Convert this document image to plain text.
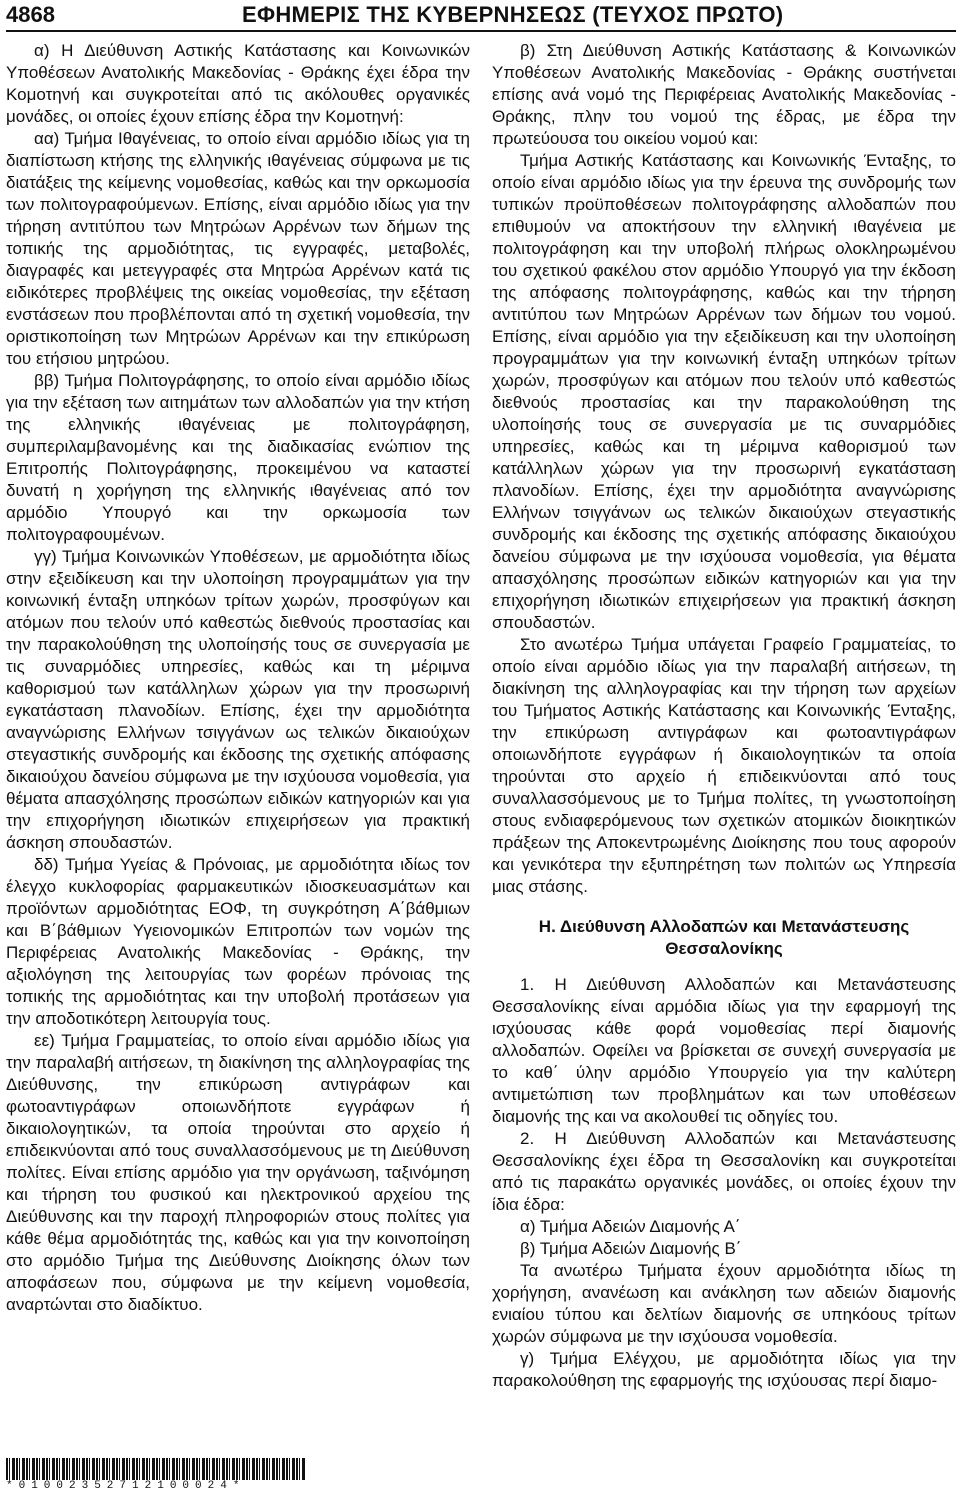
4868	ΕΦΗΜΕΡΙΣ ΤΗΣ ΚΥΒΕΡΝΗΣΕΩΣ (ΤΕΥΧΟΣ ΠΡΩΤΟ)

α) Η Διεύθυνση Αστικής Κατάστασης και Κοινωνικών Υποθέσεων Ανατολικής Μακεδονίας - Θράκης έχει έδρα την Κομοτηνή και συγκροτείται από τις ακόλουθες οργανικές μονάδες, οι οποίες έχουν επίσης έδρα την Κομοτηνή:

αα) Τμήμα Ιθαγένειας, το οποίο είναι αρμόδιο ιδίως για τη διαπίστωση κτήσης της ελληνικής ιθαγένειας σύμφωνα με τις διατάξεις της κείμενης νομοθεσίας, καθώς και την ορκωμοσία των πολιτογραφούμενων. Επίσης, είναι αρμόδιο ιδίως για την τήρηση αντιτύπου των Μητρώων Αρρένων των δήμων της τοπικής της αρμοδιότητας, τις εγγραφές, μεταβολές, διαγραφές και μετεγγραφές στα Μητρώα Αρρένων κατά τις ειδικότερες προβλέψεις της οικείας νομοθεσίας, την εξέταση ενστάσεων που προβλέπονται από τη σχετική νομοθεσία, την οριστικοποίηση των Μητρώων Αρρένων και την επικύρωση του ετήσιου μητρώου.

ββ) Τμήμα Πολιτογράφησης, το οποίο είναι αρμόδιο ιδίως για την εξέταση των αιτημάτων των αλλοδαπών για την κτήση της ελληνικής ιθαγένειας με πολιτογράφηση, συμπεριλαμβανομένης και της διαδικασίας ενώπιον της Επιτροπής Πολιτογράφησης, προκειμένου να καταστεί δυνατή η χορήγηση της ελληνικής ιθαγένειας από τον αρμόδιο Υπουργό και την ορκωμοσία των πολιτογραφουμένων.

γγ) Τμήμα Κοινωνικών Υποθέσεων, με αρμοδιότητα ιδίως στην εξειδίκευση και την υλοποίηση προγραμμάτων για την κοινωνική ένταξη υπηκόων τρίτων χωρών, προσφύγων και ατόμων που τελούν υπό καθεστώς διεθνούς προστασίας και την παρακολούθηση της υλοποίησής τους σε συνεργασία με τις συναρμόδιες υπηρεσίες, καθώς και τη μέριμνα καθορισμού των κατάλληλων χώρων για την προσωρινή εγκατάσταση πλανοδίων. Επίσης, έχει την αρμοδιότητα αναγνώρισης Ελλήνων τσιγγάνων ως τελικών δικαιούχων στεγαστικής συνδρομής και έκδοσης της σχετικής απόφασης δικαιούχου δανείου σύμφωνα με την ισχύουσα νομοθεσία, για θέματα απασχόλησης προσώπων ειδικών κατηγοριών και για την επιχορήγηση ιδιωτικών επιχειρήσεων για πρακτική άσκηση σπουδαστών.

δδ) Τμήμα Υγείας & Πρόνοιας, με αρμοδιότητα ιδίως τον έλεγχο κυκλοφορίας φαρμακευτικών ιδιοσκευασμάτων και προϊόντων αρμοδιότητας ΕΟΦ, τη συγκρότηση Α΄βάθμιων και Β΄βάθμιων Υγειονομικών Επιτροπών των νομών της Περιφέρειας Ανατολικής Μακεδονίας - Θράκης, την αξιολόγηση της λειτουργίας των φορέων πρόνοιας της τοπικής της αρμοδιότητας και την υποβολή προτάσεων για την αποδοτικότερη λειτουργία τους.

εε) Τμήμα Γραμματείας, το οποίο είναι αρμόδιο ιδίως για την παραλαβή αιτήσεων, τη διακίνηση της αλληλογραφίας της Διεύθυνσης, την επικύρωση αντιγράφων και φωτοαντιγράφων οποιωνδήποτε εγγράφων ή δικαιολογητικών, τα οποία τηρούνται στο αρχείο ή επιδεικνύονται από τους συναλλασσόμενους με τη Διεύθυνση πολίτες. Είναι επίσης αρμόδιο για την οργάνωση, ταξινόμηση και τήρηση του φυσικού και ηλεκτρονικού αρχείου της Διεύθυνσης και την παροχή πληροφοριών στους πολίτες για κάθε θέμα αρμοδιότητάς της, καθώς και για την κοινοποίηση στο αρμόδιο Τμήμα της Διεύθυνσης Διοίκησης όλων των αποφάσεων που, σύμφωνα με την κείμενη νομοθεσία, αναρτώνται στο διαδίκτυο.

β) Στη Διεύθυνση Αστικής Κατάστασης & Κοινωνικών Υποθέσεων Ανατολικής Μακεδονίας - Θράκης συστήνεται επίσης ανά νομό της Περιφέρειας Ανατολικής Μακεδονίας - Θράκης, πλην του νομού της έδρας, με έδρα την πρωτεύουσα του οικείου νομού και:

Τμήμα Αστικής Κατάστασης και Κοινωνικής Ένταξης, το οποίο είναι αρμόδιο ιδίως για την έρευνα της συνδρομής των τυπικών προϋποθέσεων πολιτογράφησης αλλοδαπών που επιθυμούν να αποκτήσουν την ελληνική ιθαγένεια με πολιτογράφηση και την υποβολή πλήρως ολοκληρωμένου του σχετικού φακέλου στον αρμόδιο Υπουργό για την έκδοση της απόφασης πολιτογράφησης, καθώς και την τήρηση αντιτύπου των Μητρώων Αρρένων των δήμων του νομού. Επίσης, είναι αρμόδιο για την εξειδίκευση και την υλοποίηση προγραμμάτων για την κοινωνική ένταξη υπηκόων τρίτων χωρών, προσφύγων και ατόμων που τελούν υπό καθεστώς διεθνούς προστασίας και την παρακολούθηση της υλοποίησής τους σε συνεργασία με τις συναρμόδιες υπηρεσίες, καθώς και τη μέριμνα καθορισμού των κατάλληλων χώρων για την προσωρινή εγκατάσταση πλανοδίων. Επίσης, έχει την αρμοδιότητα αναγνώρισης Ελλήνων τσιγγάνων ως τελικών δικαιούχων στεγαστικής συνδρομής και έκδοσης της σχετικής απόφασης δικαιούχου δανείου σύμφωνα με την ισχύουσα νομοθεσία, για θέματα απασχόλησης προσώπων ειδικών κατηγοριών και για την επιχορήγηση ιδιωτικών επιχειρήσεων για πρακτική άσκηση σπουδαστών.

Στο ανωτέρω Τμήμα υπάγεται Γραφείο Γραμματείας, το οποίο είναι αρμόδιο ιδίως για την παραλαβή αιτήσεων, τη διακίνηση της αλληλογραφίας και την τήρηση των αρχείων του Τμήματος Αστικής Κατάστασης και Κοινωνικής Ένταξης, την επικύρωση αντιγράφων και φωτοαντιγράφων οποιωνδήποτε εγγράφων ή δικαιολογητικών τα οποία τηρούνται στο αρχείο ή επιδεικνύονται από τους συναλλασσόμενους με το Τμήμα πολίτες, τη γνωστοποίηση στους ενδιαφερόμενους των σχετικών ατομικών διοικητικών πράξεων της Αποκεντρωμένης Διοίκησης που τους αφορούν και γενικότερα την εξυπηρέτηση των πολιτών ως Υπηρεσία μιας στάσης.

Η. Διεύθυνση Αλλοδαπών και Μετανάστευσης Θεσσαλονίκης

1. Η Διεύθυνση Αλλοδαπών και Μετανάστευσης Θεσσαλονίκης είναι αρμόδια ιδίως για την εφαρμογή της ισχύουσας κάθε φορά νομοθεσίας περί διαμονής αλλοδαπών. Οφείλει να βρίσκεται σε συνεχή συνεργασία με το καθ΄ ύλην αρμόδιο Υπουργείο για την καλύτερη αντιμετώπιση των προβλημάτων και των υποθέσεων διαμονής της και να ακολουθεί τις οδηγίες του.

2. Η Διεύθυνση Αλλοδαπών και Μετανάστευσης Θεσσαλονίκης έχει έδρα τη Θεσσαλονίκη και συγκροτείται από τις παρακάτω οργανικές μονάδες, οι οποίες έχουν την ίδια έδρα:

α) Τμήμα Αδειών Διαμονής Α΄

β) Τμήμα Αδειών Διαμονής Β΄

Τα ανωτέρω Τμήματα έχουν αρμοδιότητα ιδίως τη χορήγηση, ανανέωση και ανάκληση των αδειών διαμονής ενιαίου τύπου και δελτίων διαμονής σε υπηκόους τρίτων χωρών σύμφωνα με την ισχύουσα νομοθεσία.

γ) Τμήμα Ελέγχου, με αρμοδιότητα ιδίως για την παρακολούθηση της εφαρμογής της ισχύουσας περί διαμο-

*01002352712100024*
